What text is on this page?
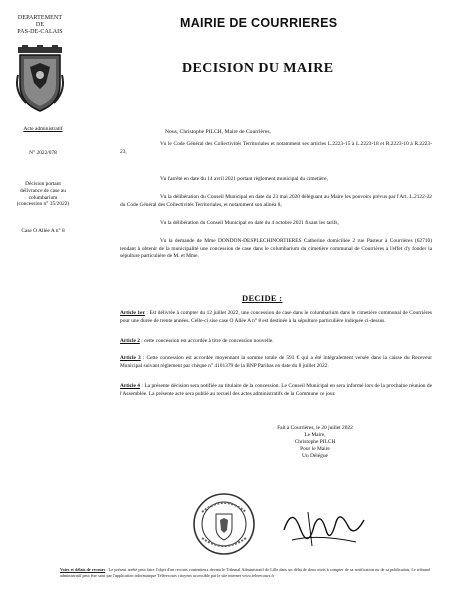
DEPARTEMENT
DE
PAS-DE-CALAIS
Acte administratif
N° 2022/078
Décision portant
délivrance de case au
columbarium
(concession n° 35/2022)
Case O Allée A n° 8
MAIRIE DE COURRIERES
DECISION DU MAIRE
Nous, Christophe PILCH, Maire de Courrières,
Vu le Code Général des Collectivités Territoriales et notamment ses articles L.2223-15 à L.2223-18 et R.2223-10 à R.2223-23,
Vu l'arrêté en date du 14 avril 2021 portant règlement municipal du cimetière,
Vu la délibération du Conseil Municipal en date du 23 mai 2020 déléguant au Maire les pouvoirs prévus par l'Art. L.2122-22 du Code Général des Collectivités Territoriales, et notamment son alinéa 8,
Vu la délibération du Conseil Municipal en date du 4 octobre 2021 fixant les tarifs,
Vu la demande de Mme DONDON-DESPLECHINORTIERES Catherine domiciliée 2 rue Pasteur à Courrières (62710) tendant à obtenir de la municipalité une concession de case dans le columbarium du cimetière communal de Courrières à l'effet d'y fonder la sépulture particulière de M. et Mme.
DECIDE :
Article 1er : Est délivrée à compter du 12 juillet 2022, une concession de case dans le columbarium dans le cimetière communal de Courrières pour une durée de trente années. Celle-ci sise case O Allée A n° 8 est destinée à la sépulture particulière indiquée ci-dessus.
Article 2 : cette concession est accordée à titre de concession nouvelle.
Article 3 : Cette concession est accordée moyennant la somme totale de 593 € qui a été intégralement versée dans la caisse du Receveur Municipal suivant règlement par chèque n° 4101379 de la BNP Paribas en date du 8 juillet 2022.
Article 4 : La présente décision sera notifiée au titulaire de la concession. Le Conseil Municipal en sera informé lors de la prochaine réunion de l'Assemblée. La présente acte sera publié au recueil des actes administratifs de la Commune ce jour.
Fait à Courrières, le 20 juillet 2022
Le Maire,
Christophe PILCH
Pour le Maire
Un Délégué
Voies et délais de recours : Le présent arrêté peut faire l'objet d'un recours contentieux devant le Tribunal Administratif de Lille dans un délai de deux mois à compter de sa notification ou de sa publication. Le tribunal administratif peut être saisi par l'application informatique Télérecours citoyens accessible par le site internet www.telerecours.fr
